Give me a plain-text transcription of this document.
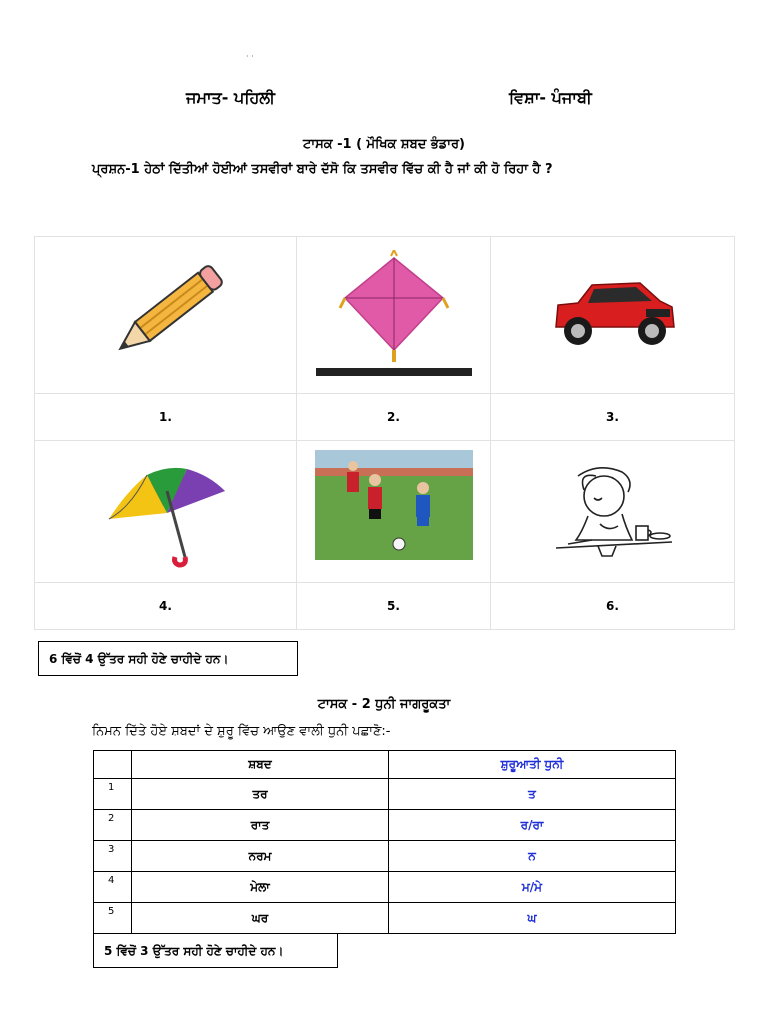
· ·
ਜਮਾਤ- ਪਹਿਲੀ	ਵਿਸ਼ਾ- ਪੰਜਾਬੀ
ਟਾਸਕ -1 ( ਮੌਖਿਕ ਸ਼ਬਦ ਭੰਡਾਰ)
ਪ੍ਰਸ਼ਨ-1 ਹੇਠਾਂ ਦਿੱਤੀਆਂ ਹੋਈਆਂ ਤਸਵੀਰਾਂ ਬਾਰੇ ਦੱਸੋ ਕਿ ਤਸਵੀਰ ਵਿੱਚ ਕੀ ਹੈ ਜਾਂ ਕੀ ਹੋ ਰਿਹਾ ਹੈ ?

1.	2.	3.

4.	5.	6.
6 ਵਿੱਚੋਂ 4 ਉੱਤਰ ਸਹੀ ਹੋਣੇ ਚਾਹੀਦੇ ਹਨ।
ਟਾਸਕ - 2 ਧੁਨੀ ਜਾਗਰੂਕਤਾ
ਨਿਮਨ ਦਿੱਤੇ ਹੋਏ ਸ਼ਬਦਾਂ ਦੇ ਸ਼ੁਰੂ ਵਿੱਚ ਆਉਣ ਵਾਲੀ ਧੁਨੀ ਪਛਾਣੋ:-
	ਸ਼ਬਦ	ਸ਼ੁਰੂਆਤੀ ਧੁਨੀ
1	ਤਰ	ਤ
2	ਰਾਤ	ਰ/ਰਾ
3	ਨਰਮ	ਨ
4	ਮੇਲਾ	ਮ/ਮੇ
5	ਘਰ	ਘ
5 ਵਿੱਚੋਂ 3 ਉੱਤਰ ਸਹੀ ਹੋਣੇ ਚਾਹੀਦੇ ਹਨ।
